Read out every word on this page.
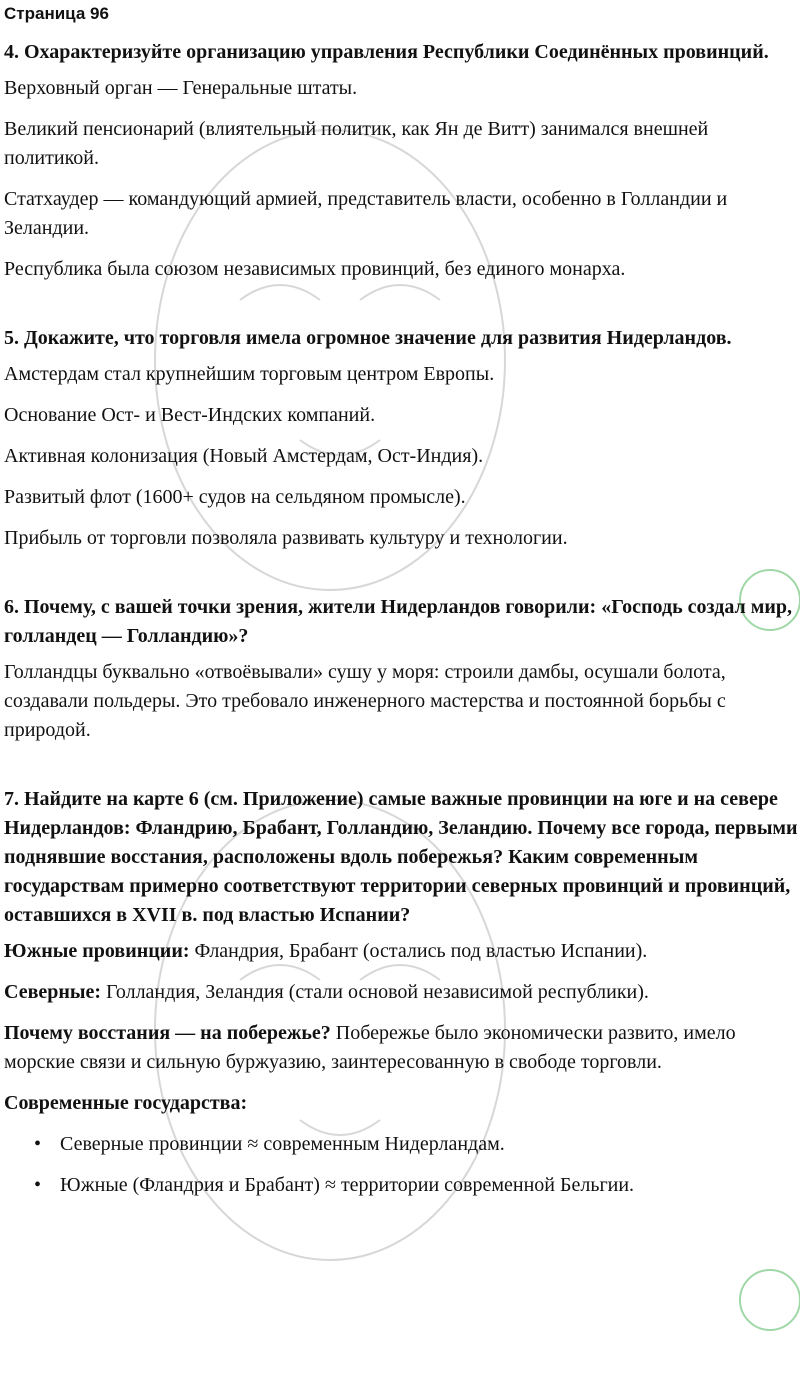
Страница 96
4. Охарактеризуйте организацию управления Республики Соединённых провинций.
Верховный орган — Генеральные штаты.
Великий пенсионарий (влиятельный политик, как Ян де Витт) занимался внешней политикой.
Статхаудер — командующий армией, представитель власти, особенно в Голландии и Зеландии.
Республика была союзом независимых провинций, без единого монарха.
5. Докажите, что торговля имела огромное значение для развития Нидерландов.
Амстердам стал крупнейшим торговым центром Европы.
Основание Ост- и Вест-Индских компаний.
Активная колонизация (Новый Амстердам, Ост-Индия).
Развитый флот (1600+ судов на сельдяном промысле).
Прибыль от торговли позволяла развивать культуру и технологии.
6. Почему, с вашей точки зрения, жители Нидерландов говорили: «Господь создал мир, голландец — Голландию»?
Голландцы буквально «отвоёвывали» сушу у моря: строили дамбы, осушали болота, создавали польдеры. Это требовало инженерного мастерства и постоянной борьбы с природой.
7. Найдите на карте 6 (см. Приложение) самые важные провинции на юге и на севере Нидерландов: Фландрию, Брабант, Голландию, Зеландию. Почему все города, первыми поднявшие восстания, расположены вдоль побережья? Каким современным государствам примерно соответствуют территории северных провинций и провинций, оставшихся в XVII в. под властью Испании?
Южные провинции: Фландрия, Брабант (остались под властью Испании).
Северные: Голландия, Зеландия (стали основой независимой республики).
Почему восстания — на побережье? Побережье было экономически развито, имело морские связи и сильную буржуазию, заинтересованную в свободе торговли.
Современные государства:
• Северные провинции ≈ современным Нидерландам.
• Южные (Фландрия и Брабант) ≈ территории современной Бельгии.
